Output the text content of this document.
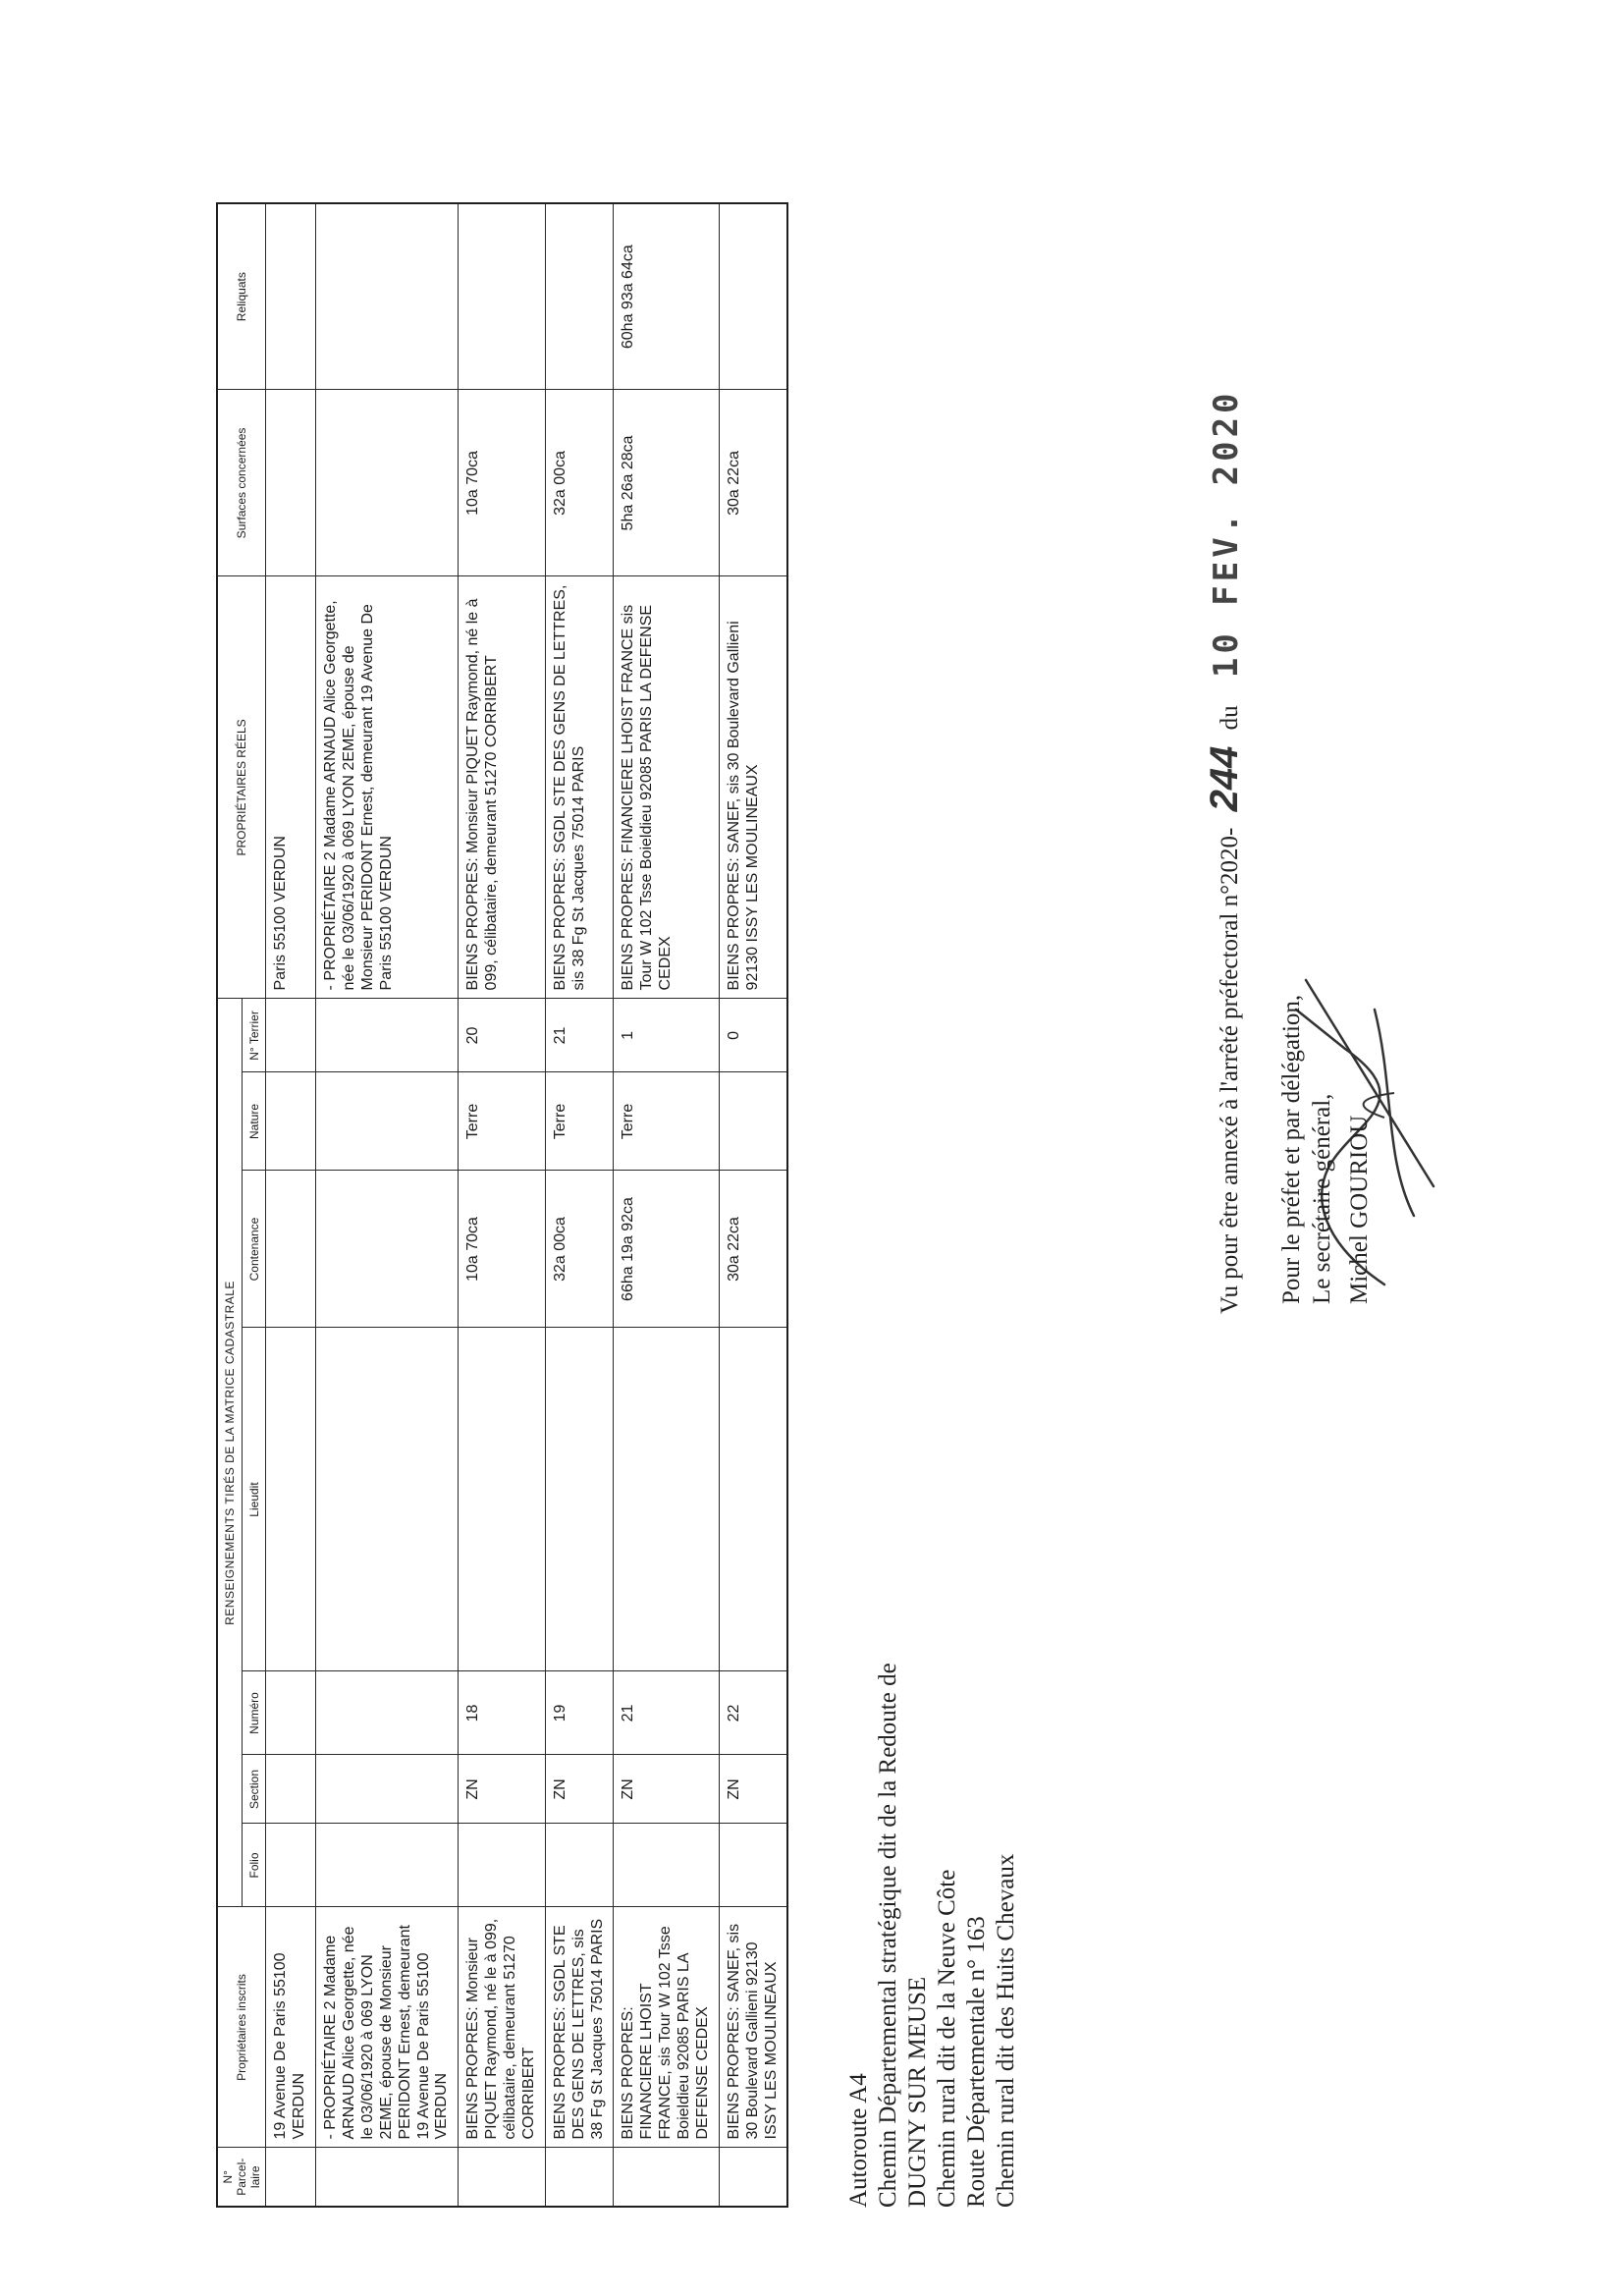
N° Parcel-laire	Propriétaires inscrits	RENSEIGNEMENTS TIRÉS DE LA MATRICE CADASTRALE							PROPRIÉTAIRES RÉELS	Surfaces concernées	Reliquats
		Folio	Section	Numéro	Lieudit	Contenance	Nature	N° Terrier			
	19 Avenue De Paris 55100 VERDUN								Paris 55100 VERDUN		
	- PROPRIÉTAIRE 2 Madame ARNAUD Alice Georgette, née le 03/06/1920 à 069 LYON 2EME, épouse de Monsieur PERIDONT Ernest, demeurant 19 Avenue De Paris 55100 VERDUN								- PROPRIÉTAIRE 2 Madame ARNAUD Alice Georgette, née le 03/06/1920 à 069 LYON 2EME, épouse de Monsieur PERIDONT Ernest, demeurant 19 Avenue De Paris 55100 VERDUN		
	BIENS PROPRES: Monsieur PIQUET Raymond, né le à 099, célibataire, demeurant 51270 CORRIBERT		ZN	18		10a 70ca	Terre	20	BIENS PROPRES: Monsieur PIQUET Raymond, né le à 099, célibataire, demeurant 51270 CORRIBERT	10a 70ca	
	BIENS PROPRES: SGDL STE DES GENS DE LETTRES, sis 38 Fg St Jacques 75014 PARIS		ZN	19		32a 00ca	Terre	21	BIENS PROPRES: SGDL STE DES GENS DE LETTRES, sis 38 Fg St Jacques 75014 PARIS	32a 00ca	
	BIENS PROPRES: FINANCIERE LHOIST FRANCE, sis Tour W 102 Tsse Boieldieu 92085 PARIS LA DEFENSE CEDEX		ZN	21		66ha 19a 92ca	Terre	1	BIENS PROPRES: FINANCIERE LHOIST FRANCE sis Tour W 102 Tsse Boieldieu 92085 PARIS LA DEFENSE CEDEX	5ha 26a 28ca	60ha 93a 64ca
	BIENS PROPRES: SANEF, sis 30 Boulevard Gallieni 92130 ISSY LES MOULINEAUX		ZN	22		30a 22ca		0	BIENS PROPRES: SANEF, sis 30 Boulevard Gallieni 92130 ISSY LES MOULINEAUX	30a 22ca	
Autoroute A4 Chemin Départemental stratégique dit de la Redoute de DUGNY SUR MEUSE Chemin rural dit de la Neuve Côte Route Départementale n° 163 Chemin rural dit des Huits Chevaux
Vu pour être annexé à l'arrêté préfectoral n°2020- 244 du 10 FEV. 2020
Pour le préfet et par délégation, Le secrétaire général, Michel GOURIOU
